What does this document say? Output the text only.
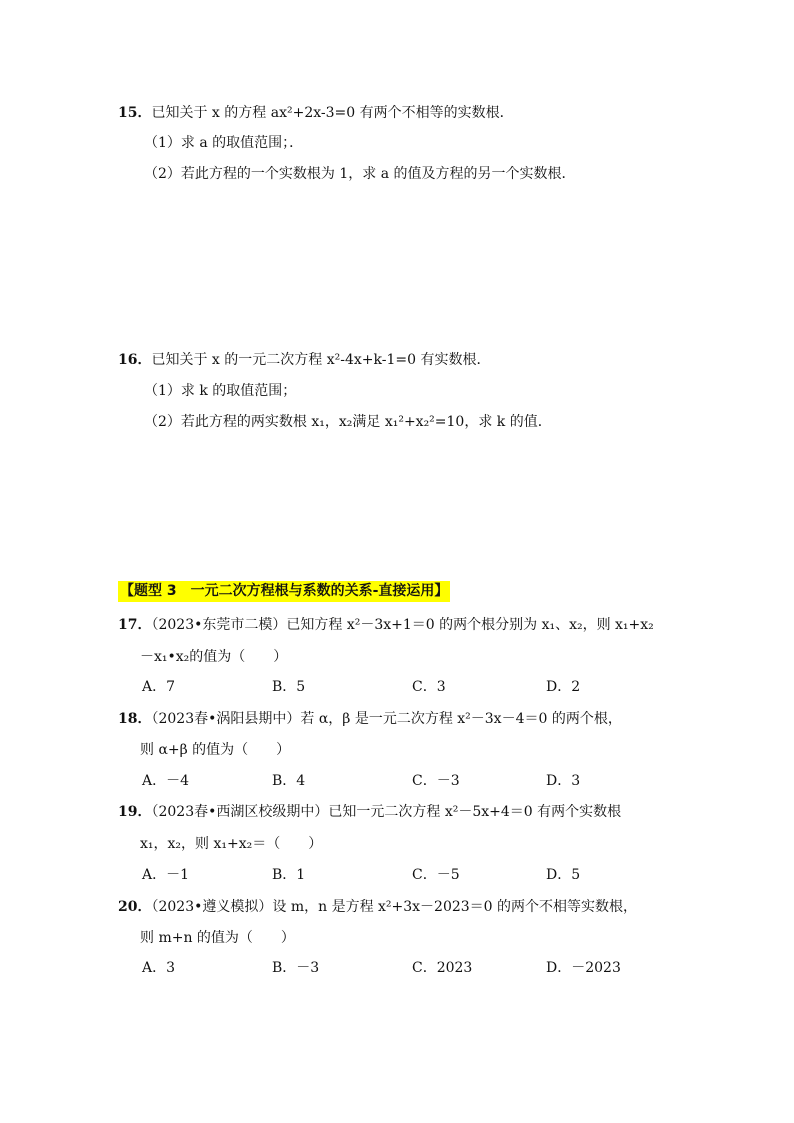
15．已知关于 x 的方程 ax²+2x-3=0 有两个不相等的实数根．
（1）求 a 的取值范围；．
（2）若此方程的一个实数根为 1，求 a 的值及方程的另一个实数根．
16．已知关于 x 的一元二次方程 x²-4x+k-1=0 有实数根．
（1）求 k 的取值范围；
（2）若此方程的两实数根 x₁，x₂满足 x₁²+x₂²=10，求 k 的值．
【题型 3　一元二次方程根与系数的关系-直接运用】
17．（2023•东莞市二模）已知方程 x²－3x+1＝0 的两个根分别为 x₁、x₂，则 x₁+x₂
－x₁•x₂的值为（　　）
A．7	B．5	C．3	D．2
18．（2023春•涡阳县期中）若 α，β 是一元二次方程 x²－3x－4＝0 的两个根，
则 α+β 的值为（　　）
A．－4	B．4	C．－3	D．3
19．（2023春•西湖区校级期中）已知一元二次方程 x²－5x+4＝0 有两个实数根
x₁，x₂，则 x₁+x₂＝（　　）
A．－1	B．1	C．－5	D．5
20．（2023•遵义模拟）设 m，n 是方程 x²+3x－2023＝0 的两个不相等实数根，
则 m+n 的值为（　　）
A．3	B．－3	C．2023	D．－2023
